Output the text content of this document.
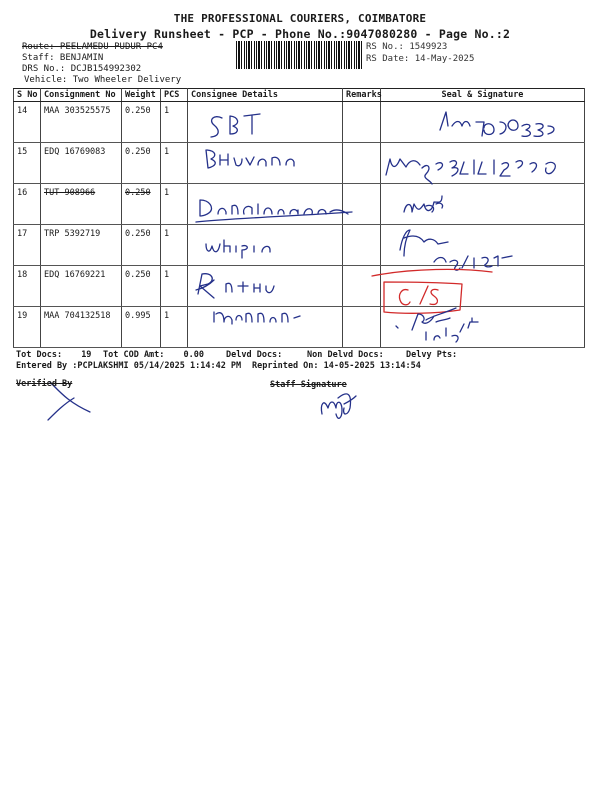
THE PROFESSIONAL COURIERS, COIMBATORE
Delivery Runsheet - PCP - Phone No.:9047080280 - Page No.:2
Route: PEELAMEDU PUDUR PC4
Staff: BENJAMIN
DRS No.: DCJB154992302
Vehicle: Two Wheeler Delivery
RS No.: 1549923
RS Date: 14-May-2025
S No	Consignment No	Weight	PCS	Consignee Details	Remarks	Seal & Signature
14	MAA 303525575	0.250	1			
15	EDQ 16769083	0.250	1			
16	TUT 908966	0.250	1			
17	TRP 5392719	0.250	1			
18	EDQ 16769221	0.250	1			
19	MAA 704132518	0.995	1			
Tot Docs: 19 Tot COD Amt: 0.00	Delvd Docs:	Non Delvd Docs:	Delvy Pts:
Entered By :PCPLAKSHMI 05/14/2025 1:14:42 PM Reprinted On: 14-05-2025 13:14:54
Verified By	Staff Signature
